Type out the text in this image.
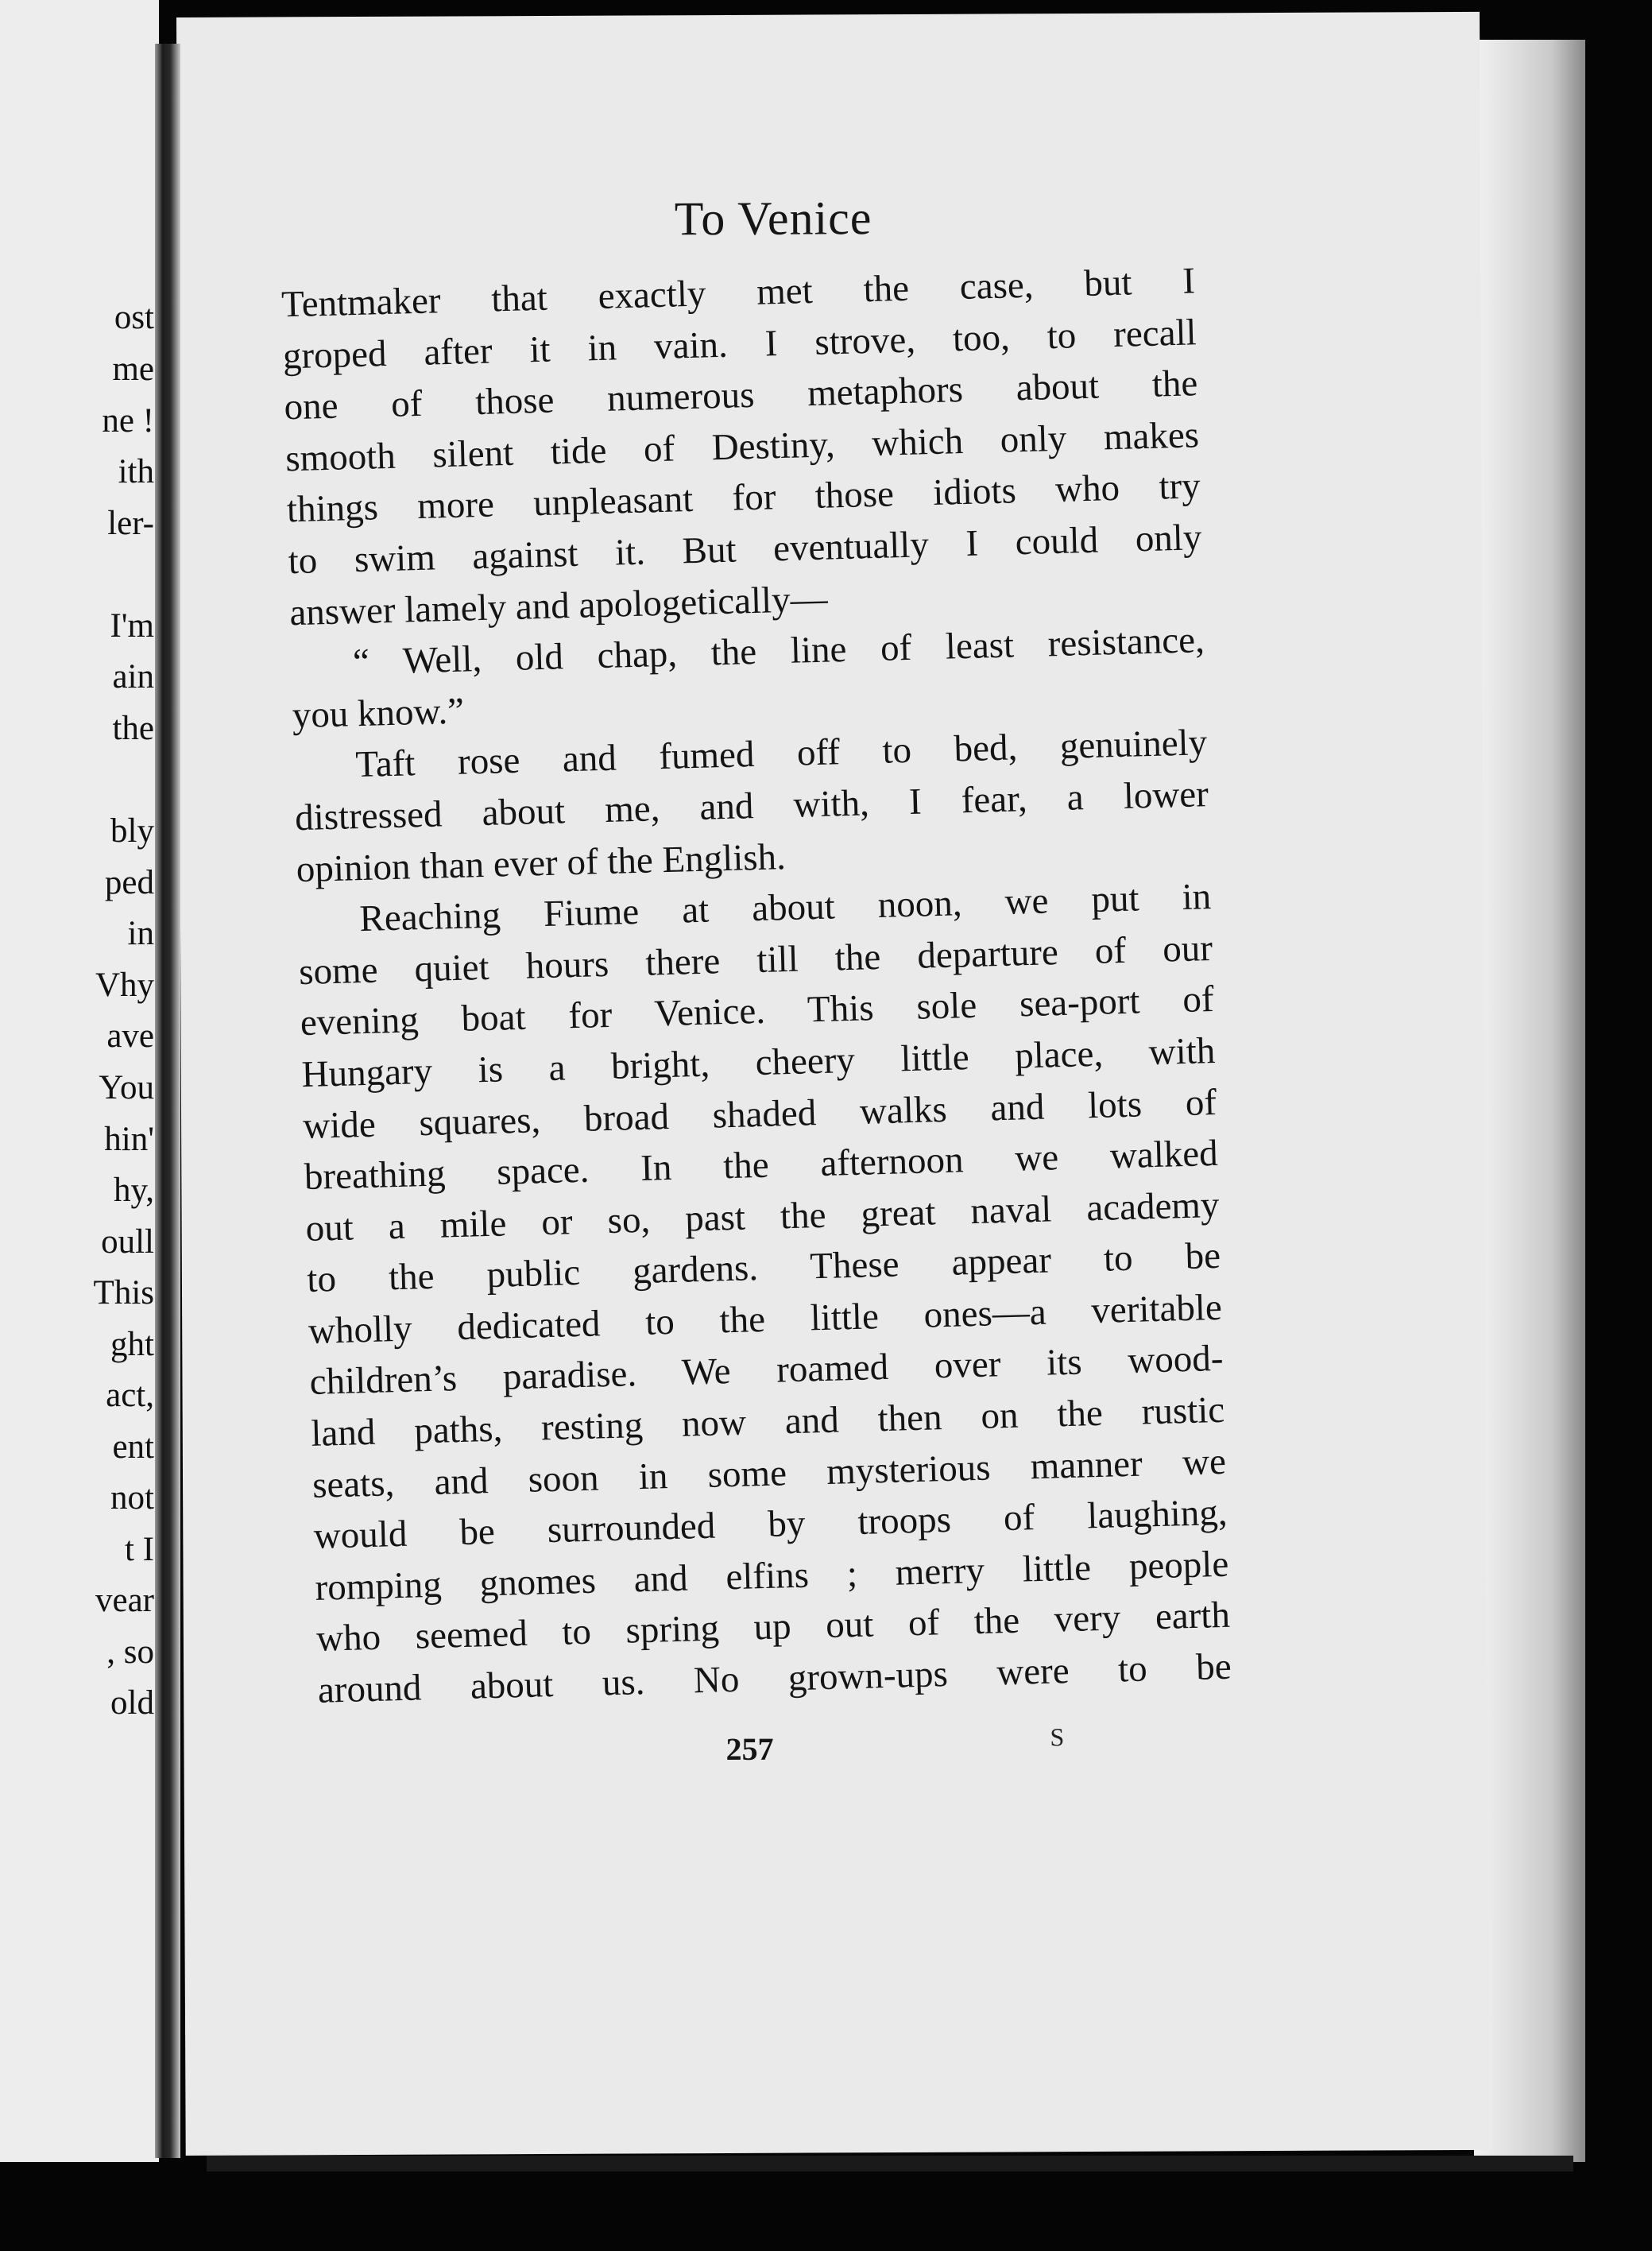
ost
me
ne !
ith
ler-
I'm
ain
the
bly
ped
in
Vhy
ave
You
hin'
hy,
oull
This
ght
act,
ent
not
t I
vear
, so
old
To Venice
Tentmaker that exactly met the case, but I
groped after it in vain. I strove, too, to recall
one of those numerous metaphors about the
smooth silent tide of Destiny, which only makes
things more unpleasant for those idiots who try
to swim against it. But eventually I could only
answer lamely and apologetically—
“ Well, old chap, the line of least resistance,
you know.”
Taft rose and fumed off to bed, genuinely
distressed about me, and with, I fear, a lower
opinion than ever of the English.
Reaching Fiume at about noon, we put in
some quiet hours there till the departure of our
evening boat for Venice. This sole sea-port of
Hungary is a bright, cheery little place, with
wide squares, broad shaded walks and lots of
breathing space. In the afternoon we walked
out a mile or so, past the great naval academy
to the public gardens. These appear to be
wholly dedicated to the little ones—a veritable
children’s paradise. We roamed over its wood-
land paths, resting now and then on the rustic
seats, and soon in some mysterious manner we
would be surrounded by troops of laughing,
romping gnomes and elfins ; merry little people
who seemed to spring up out of the very earth
around about us. No grown-ups were to be
257	S
